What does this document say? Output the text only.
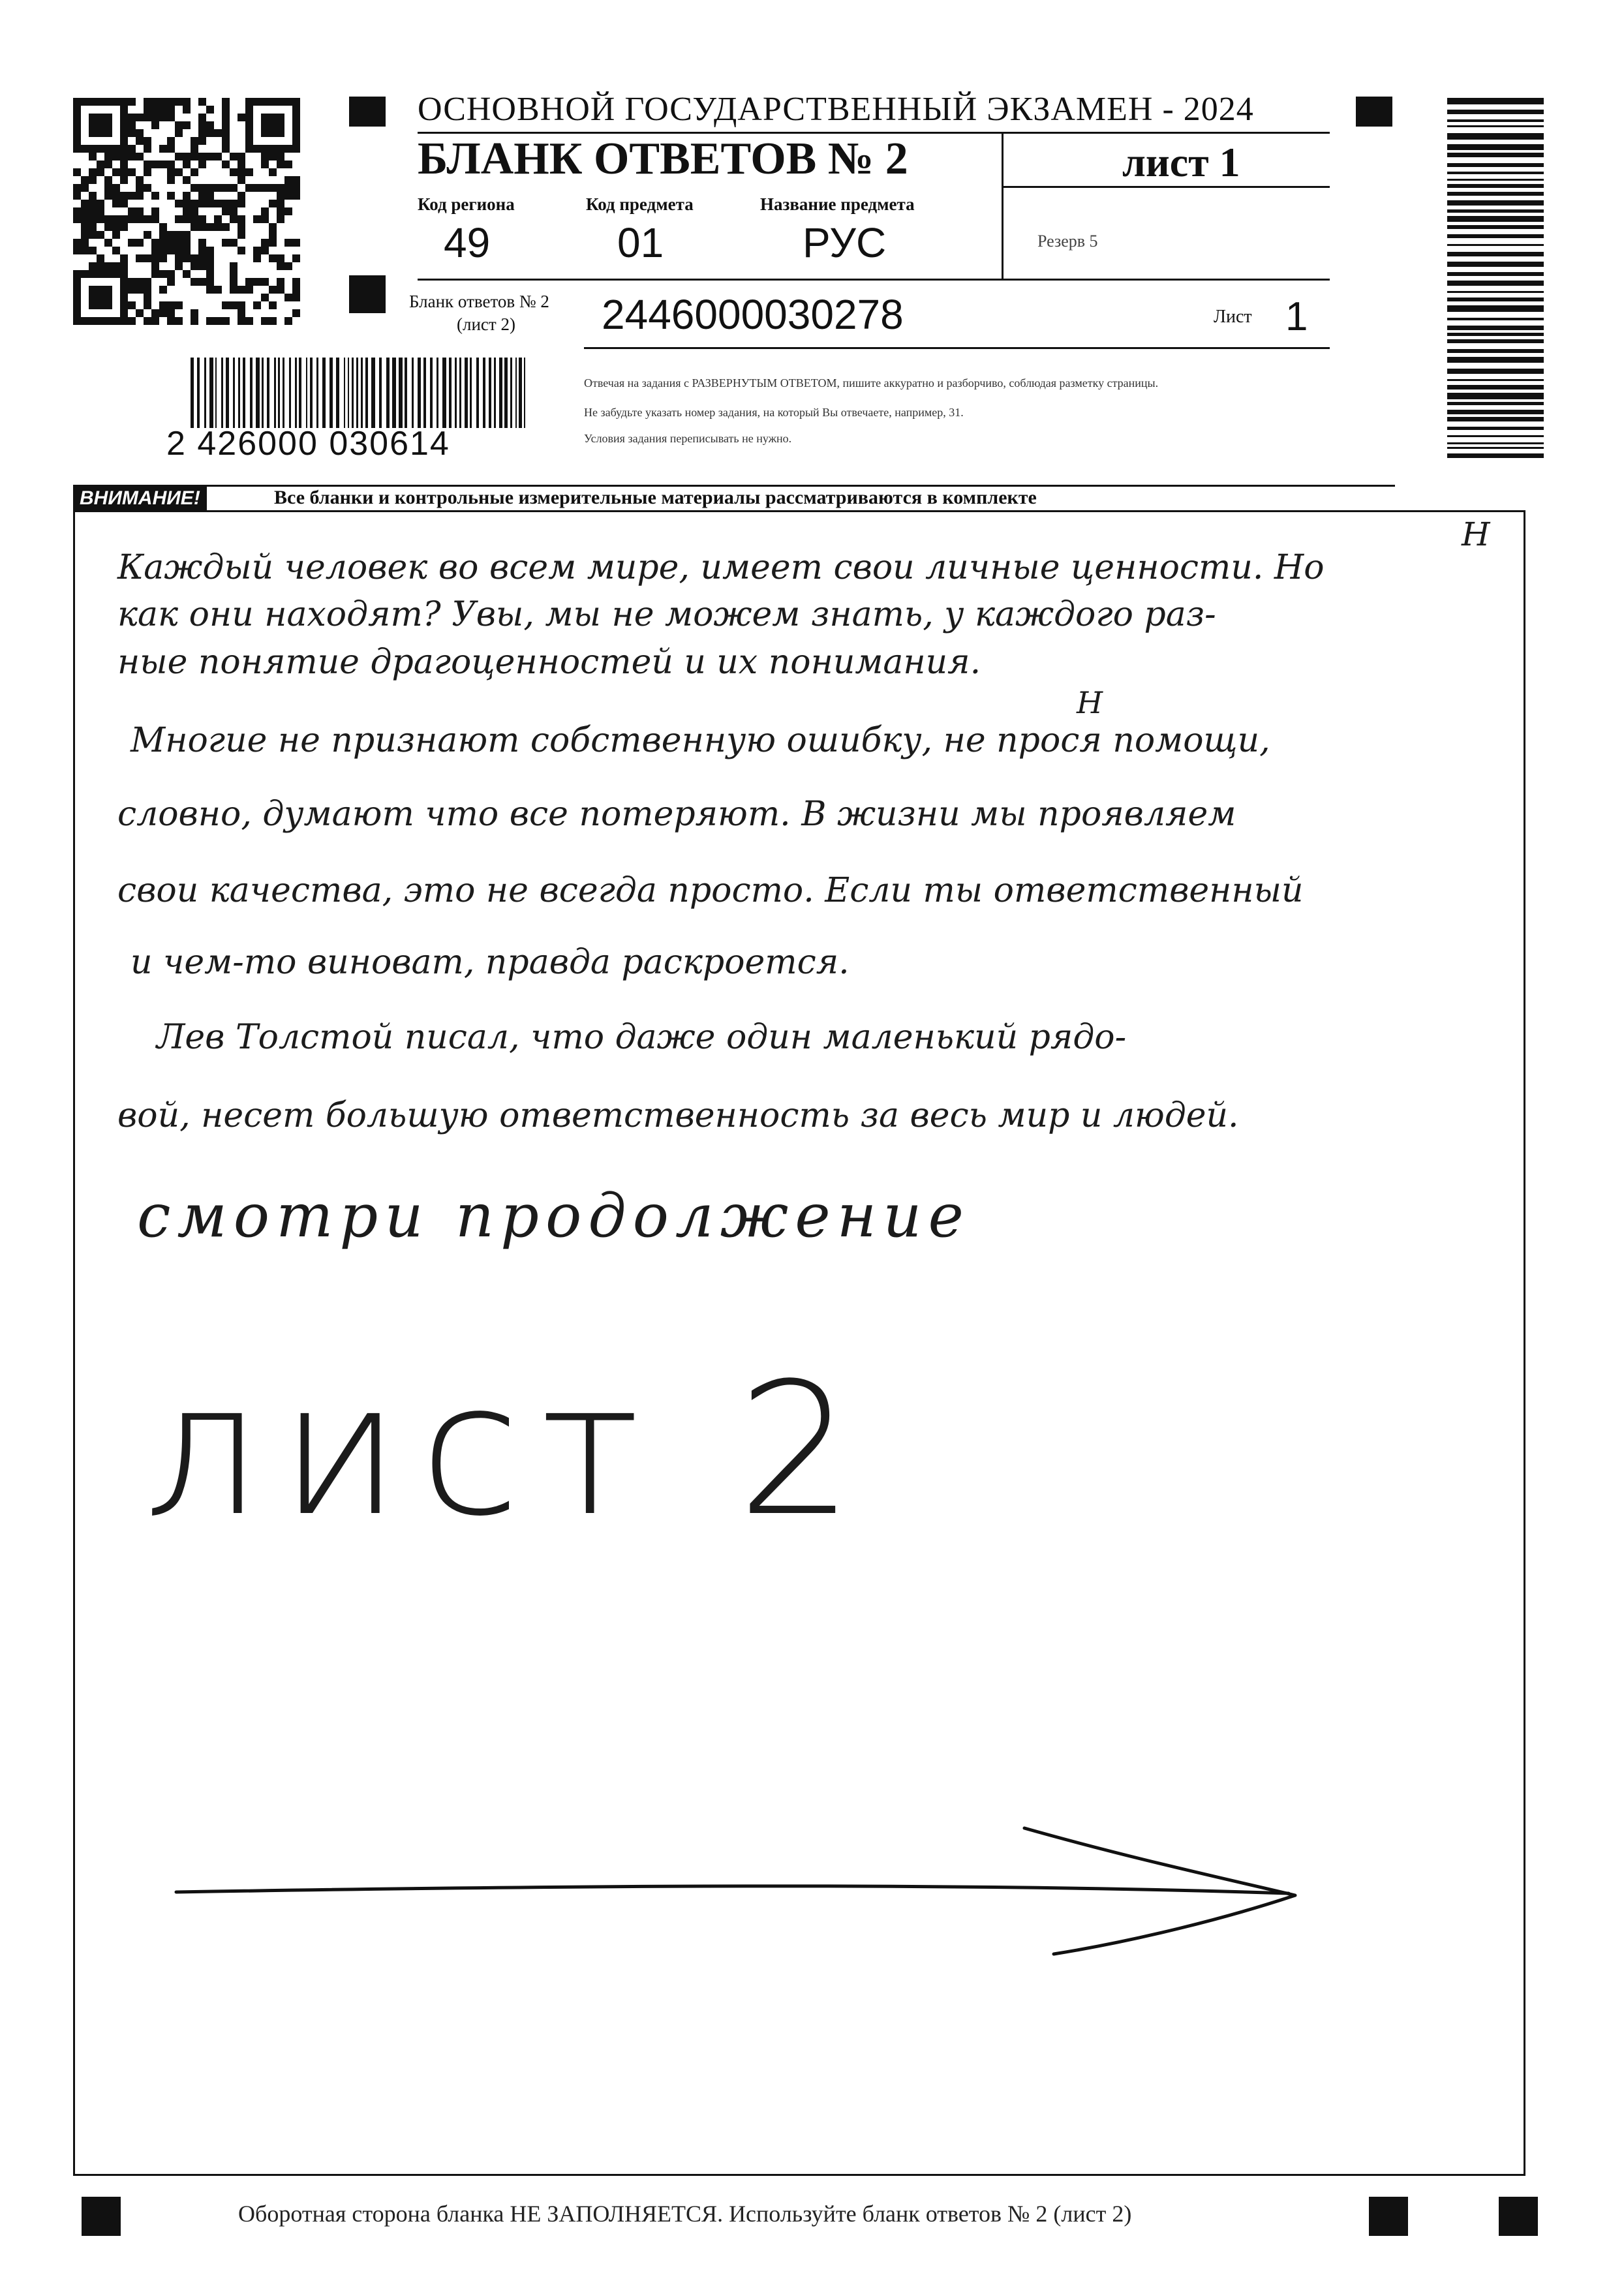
ОСНОВНОЙ ГОСУДАРСТВЕННЫЙ ЭКЗАМЕН - 2024
БЛАНК ОТВЕТОВ № 2	лист 1
Код региона
49
Код предмета
01
Название предмета
РУС	Резерв 5
Бланк ответов № 2
(лист 2) 2446000030278	Лист 1
Отвечая на задания с РАЗВЕРНУТЫМ ОТВЕТОМ, пишите аккуратно и разборчиво, соблюдая разметку страницы.
Не забудьте указать номер задания, на который Вы отвечаете, например, 31.
Условия задания переписывать не нужно.
2 426000 030614
ВНИМАНИЕ!	Все бланки и контрольные измерительные материалы рассматриваются в комплекте
Н
Каждый человек во всем мире, имеет свои личные ценности. Но
как они находят? Увы, мы не можем знать, у каждого раз-
ные понятие драгоценностей и их понимания.
Н
Многие не признают собственную ошибку, не прося помощи,
словно, думают что все потеряют. В жизни мы проявляем
свои качества, это не всегда просто. Если ты ответственный
и чем-то виноват, правда раскроется.
Лев Толстой писал, что даже один маленький рядо-
вой, несет большую ответственность за весь мир и людей.
смотри продолжение
лист 2
Оборотная сторона бланка НЕ ЗАПОЛНЯЕТСЯ. Используйте бланк ответов № 2 (лист 2)
